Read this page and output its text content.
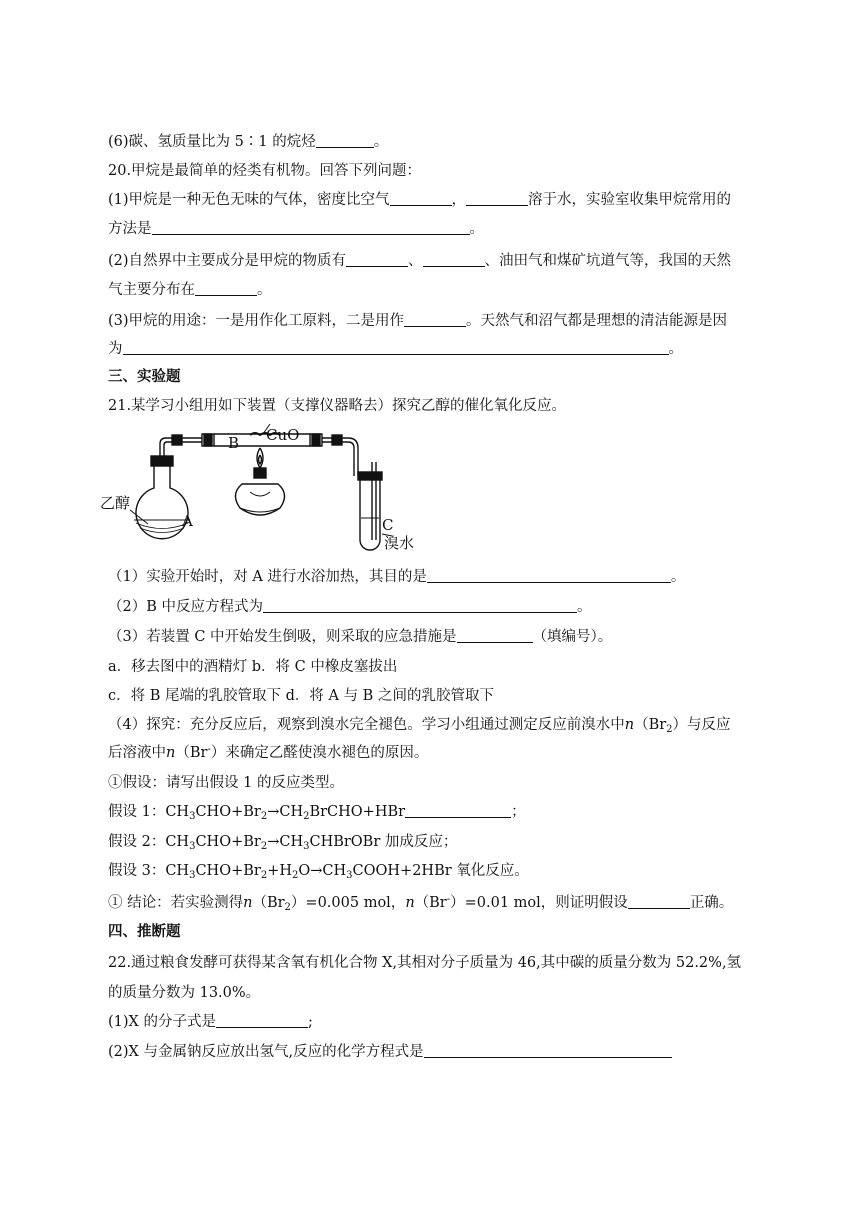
(6)碳、氢质量比为 5∶1 的烷烃	。
20.甲烷是最简单的烃类有机物。回答下列问题：
(1)甲烷是一种无色无味的气体，密度比空气	，	溶于水，实验室收集甲烷常用的
方法是	。
(2)自然界中主要成分是甲烷的物质有	、	、油田气和煤矿坑道气等，我国的天然
气主要分布在	。
(3)甲烷的用途：一是用作化工原料，二是用作	。天然气和沼气都是理想的清洁能源是因
为	。
三、实验题
21.某学习小组用如下装置（支撑仪器略去）探究乙醇的催化氧化反应。
乙醇
A
B CuO
C
溴水
（1）实验开始时，对 A 进行水浴加热，其目的是	。
（2）B 中反应方程式为	。
（3）若装置 C 中开始发生倒吸，则采取的应急措施是	（填编号）。
a．移去图中的酒精灯 b．将 C 中橡皮塞拔出
c．将 B 尾端的乳胶管取下 d．将 A 与 B 之间的乳胶管取下
（4）探究：充分反应后，观察到溴水完全褪色。学习小组通过测定反应前溴水中$n(Br_2)$与反应
后溶液中n（Br-）来确定乙醛使溴水褪色的原因。
①假设：请写出假设 1 的反应类型。
假设 1：$CH_3CHO+Br_2\to CH_2BrCHO+HBr$	；
假设 2：$CH_3CHO+Br_2\to CH_3CHBrOBr$ 加成反应；
假设 3：$CH_3CHO+Br_2+H_2O\to CH_3COOH+2HBr$ 氧化反应。
① 结论：若实验测得$n(Br_2)=0.005$ mol，n（Br-）=0.01 mol，则证明假设	正确。
四、推断题
22.通过粮食发酵可获得某含氧有机化合物 X,其相对分子质量为 46,其中碳的质量分数为 52.2%,氢
的质量分数为 13.0%。
(1)X 的分子式是	;
(2)X 与金属钠反应放出氢气,反应的化学方程式是
